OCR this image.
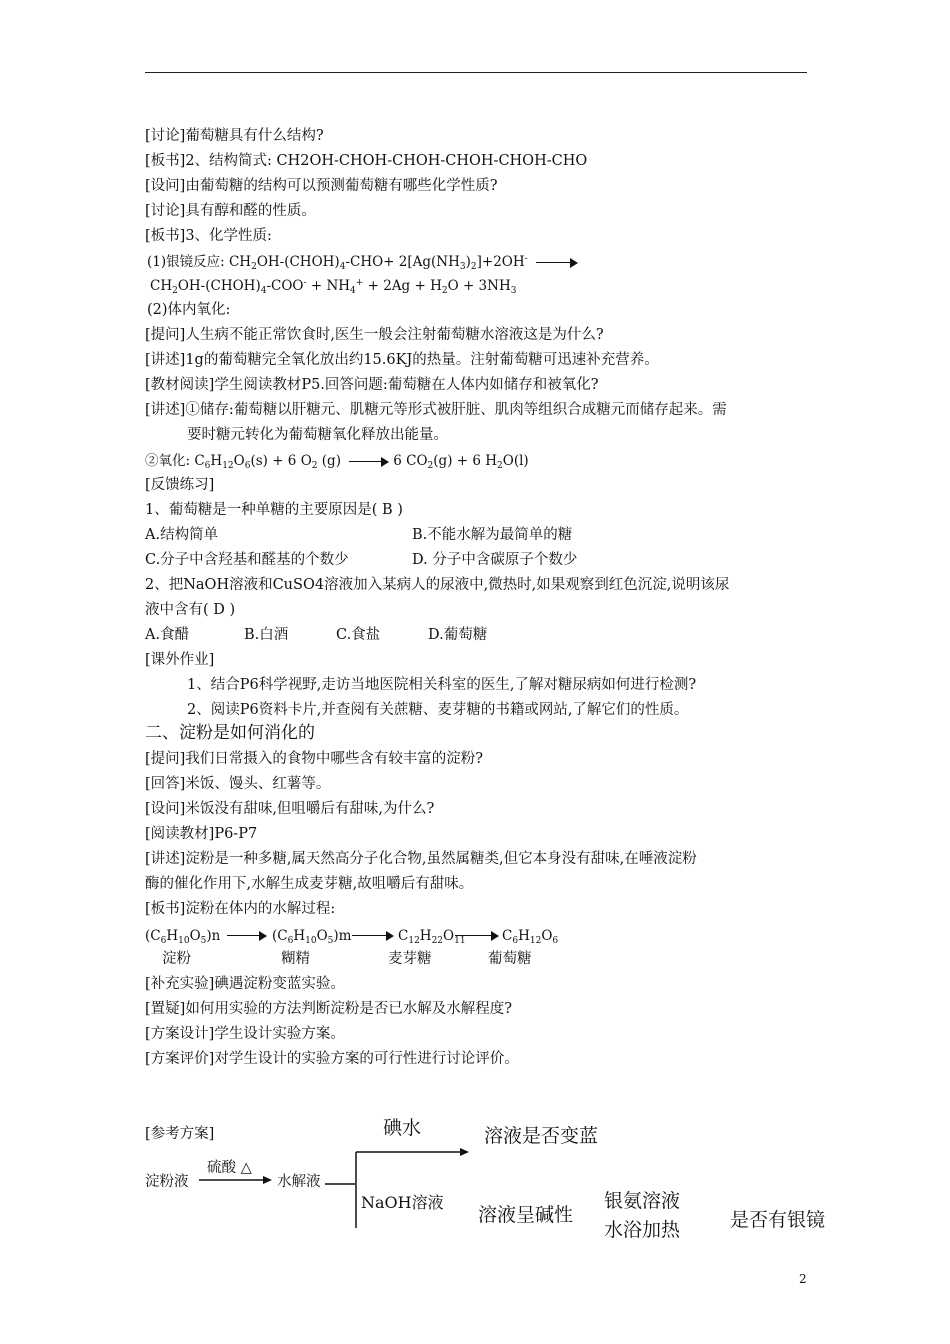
[讨论]葡萄糖具有什么结构?
[板书]2、结构简式: CH2OH-CHOH-CHOH-CHOH-CHOH-CHO
[设问]由葡萄糖的结构可以预测葡萄糖有哪些化学性质?
[讨论]具有醇和醛的性质。
[板书]3、化学性质:
(1)银镜反应: $CH_2OH-(CHOH)_4-CHO+ 2[Ag(NH_3)_2]+2OH^-$
$CH_2OH-(CHOH)_4-COO^- + NH_4^+ + 2Ag + H_2O + 3NH_3$
(2)体内氧化:
[提问]人生病不能正常饮食时,医生一般会注射葡萄糖水溶液这是为什么?
[讲述]1g的葡萄糖完全氧化放出约15.6KJ的热量。注射葡萄糖可迅速补充营养。
[教材阅读]学生阅读教材P5.回答问题:葡萄糖在人体内如储存和被氧化?
[讲述]①储存:葡萄糖以肝糖元、肌糖元等形式被肝脏、肌肉等组织合成糖元而储存起来。需
要时糖元转化为葡萄糖氧化释放出能量。
②氧化: $C_6H_{12}O_6(s) + 6$ $O_2$ (g)	6 $CO_2(g) + 6$ $H_2O(l)$
[反馈练习]
1、葡萄糖是一种单糖的主要原因是( B )
A.结构简单	B.不能水解为最简单的糖
C.分子中含羟基和醛基的个数少	D. 分子中含碳原子个数少
2、把NaOH溶液和CuSO4溶液加入某病人的尿液中,微热时,如果观察到红色沉淀,说明该尿
液中含有( D )
A.食醋	B.白酒	C.食盐	D.葡萄糖
[课外作业]
1、结合P6科学视野,走访当地医院相关科室的医生,了解对糖尿病如何进行检测?
2、阅读P6资料卡片,并查阅有关蔗糖、麦芽糖的书籍或网站,了解它们的性质。
二、淀粉是如何消化的
[提问]我们日常摄入的食物中哪些含有较丰富的淀粉?
[回答]米饭、馒头、红薯等。
[设问]米饭没有甜味,但咀嚼后有甜味,为什么?
[阅读教材]P6-P7
[讲述]淀粉是一种多糖,属天然高分子化合物,虽然属糖类,但它本身没有甜味,在唾液淀粉
酶的催化作用下,水解生成麦芽糖,故咀嚼后有甜味。
[板书]淀粉在体内的水解过程:
$(C_6H_{10}O_5)n$	$(C_6H_{10}O_5)m$	$C_{12}H_{22}O_{11}$	$C_6H_{12}O_6$
淀粉	糊精	麦芽糖	葡萄糖
[补充实验]碘遇淀粉变蓝实验。
[置疑]如何用实验的方法判断淀粉是否已水解及水解程度?
[方案设计]学生设计实验方案。
[方案评价]对学生设计的实验方案的可行性进行讨论评价。
[参考方案]
淀粉液
硫酸 △
水解液
碘水	溶液是否变蓝
NaOH溶液
溶液呈碱性
银氨溶液
水浴加热	是否有银镜
2
